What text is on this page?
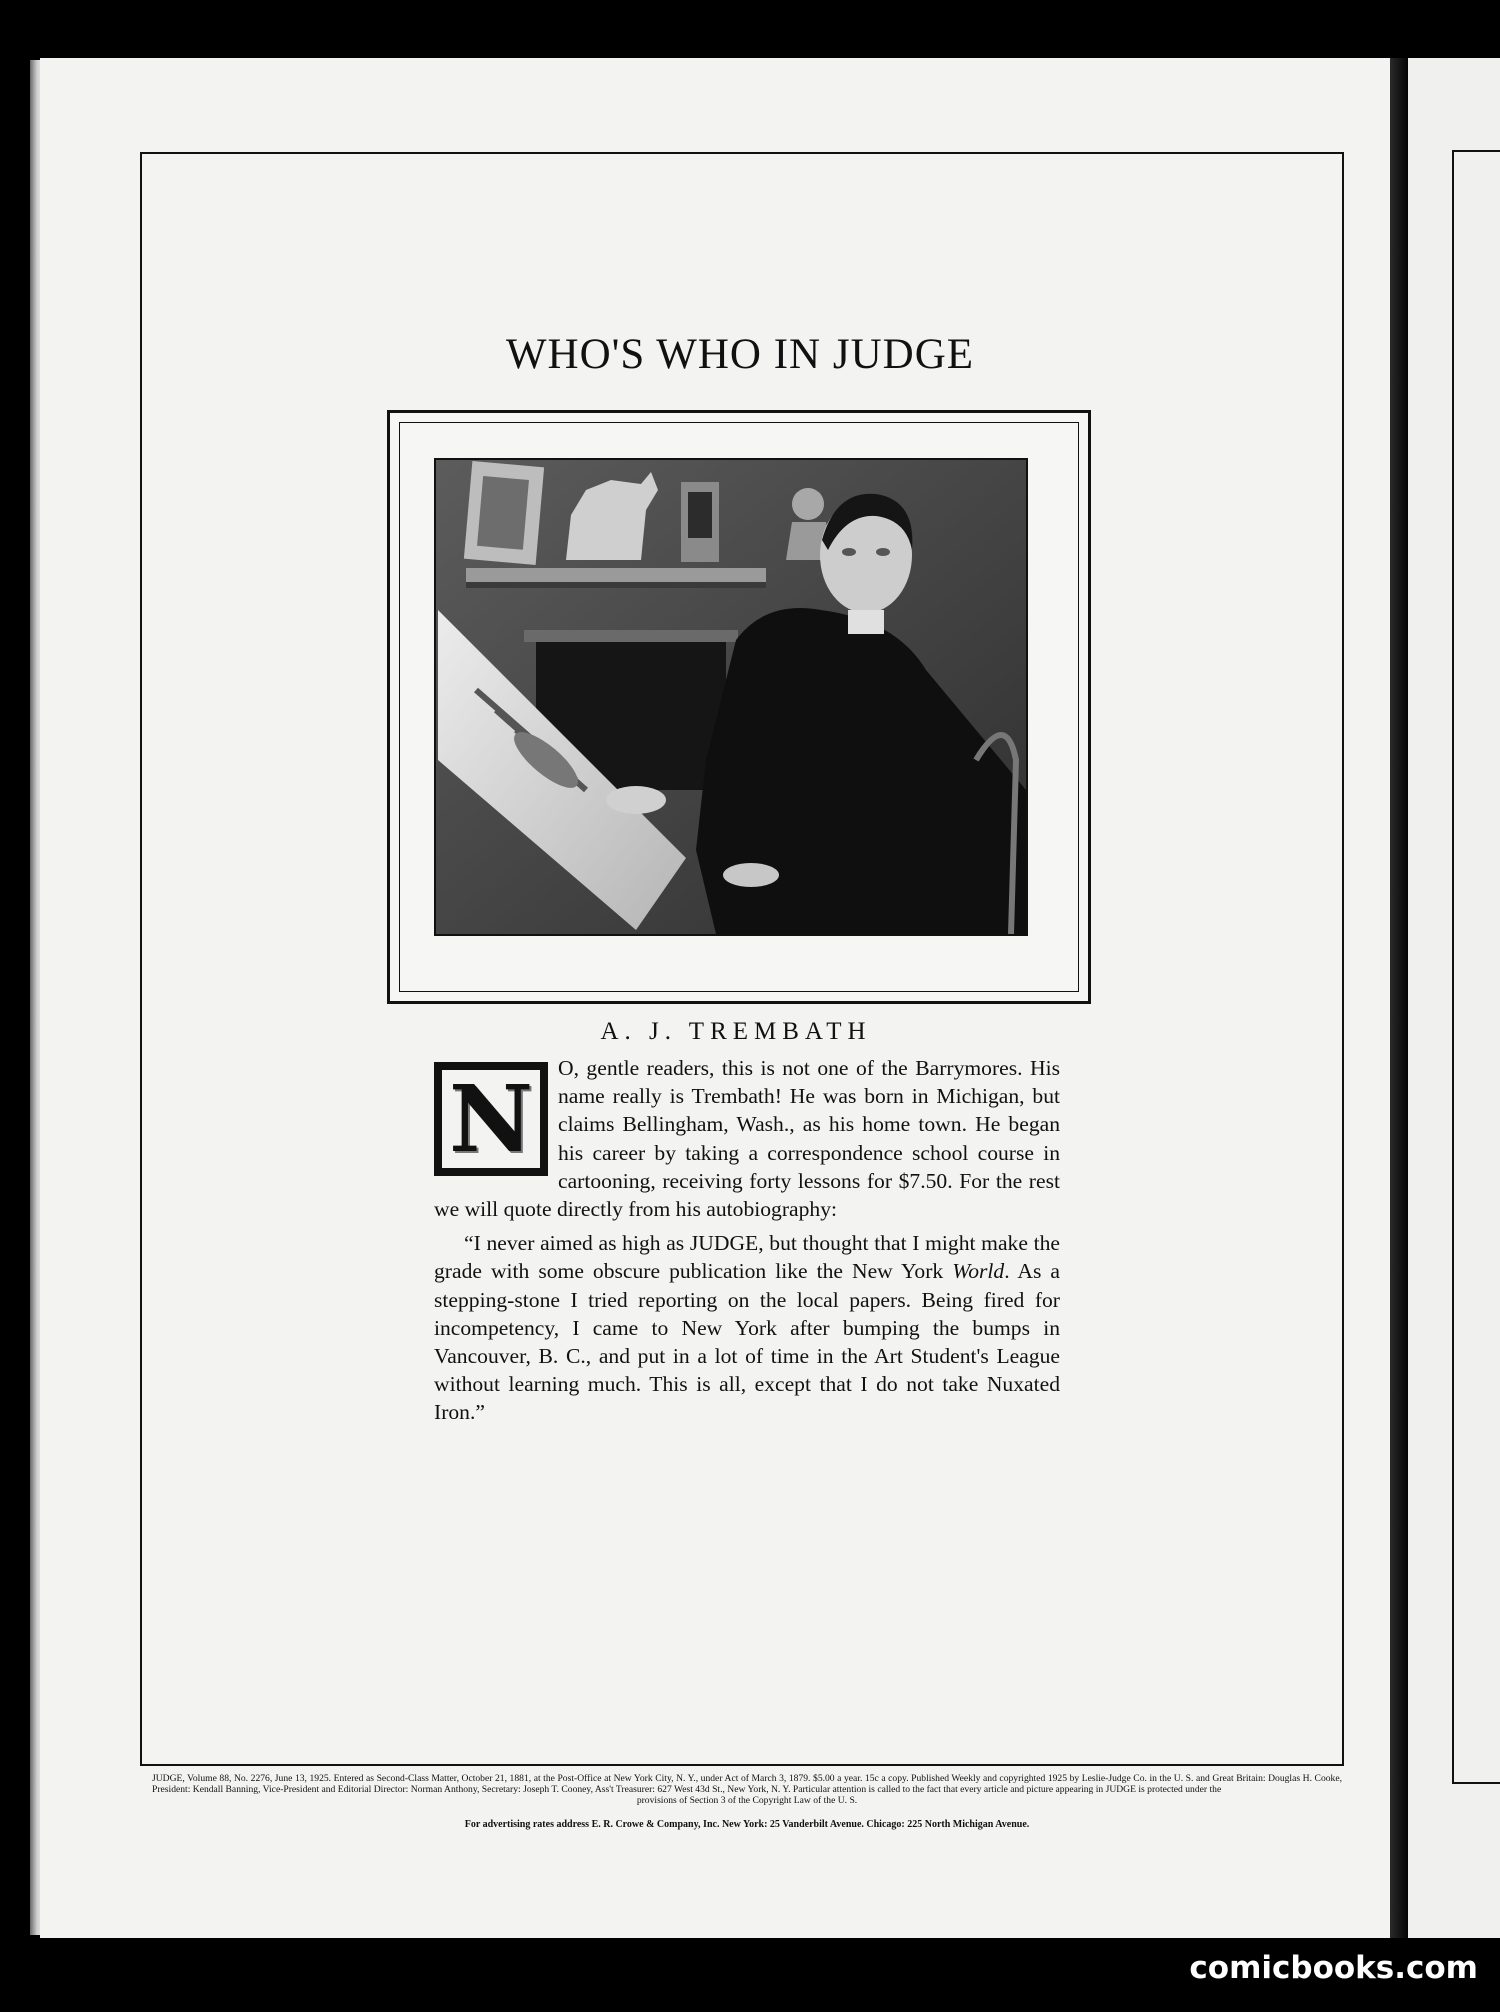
WHO'S WHO IN JUDGE
A. J. TREMBATH
N	O, gentle readers, this is not one of the Barrymores. His name really is Trembath! He was born in Michigan, but claims Bellingham, Wash., as his home town. He began his career by taking a correspondence school course in cartooning, receiving forty lessons for $7.50. For the rest we will quote directly from his autobiography:

“I never aimed as high as JUDGE, but thought that I might make the grade with some obscure publication like the New York World. As a stepping-stone I tried reporting on the local papers. Being fired for incompetency, I came to New York after bumping the bumps in Vancouver, B. C., and put in a lot of time in the Art Student's League without learning much. This is all, except that I do not take Nuxated Iron.”

JUDGE, Volume 88, No. 2276, June 13, 1925. Entered as Second-Class Matter, October 21, 1881, at the Post-Office at New York City, N. Y., under Act of March 3, 1879. $5.00 a year. 15c a copy. Published Weekly and copyrighted 1925 by Leslie-Judge Co. in the U. S. and Great Britain: Douglas H. Cooke, President: Kendall Banning, Vice-President and Editorial Director: Norman Anthony, Secretary: Joseph T. Cooney, Ass't Treasurer: 627 West 43d St., New York, N. Y. Particular attention is called to the fact that every article and picture appearing in JUDGE is protected under the
provisions of Section 3 of the Copyright Law of the U. S.
For advertising rates address E. R. Crowe & Company, Inc. New York: 25 Vanderbilt Avenue. Chicago: 225 North Michigan Avenue.
comicbooks.com
